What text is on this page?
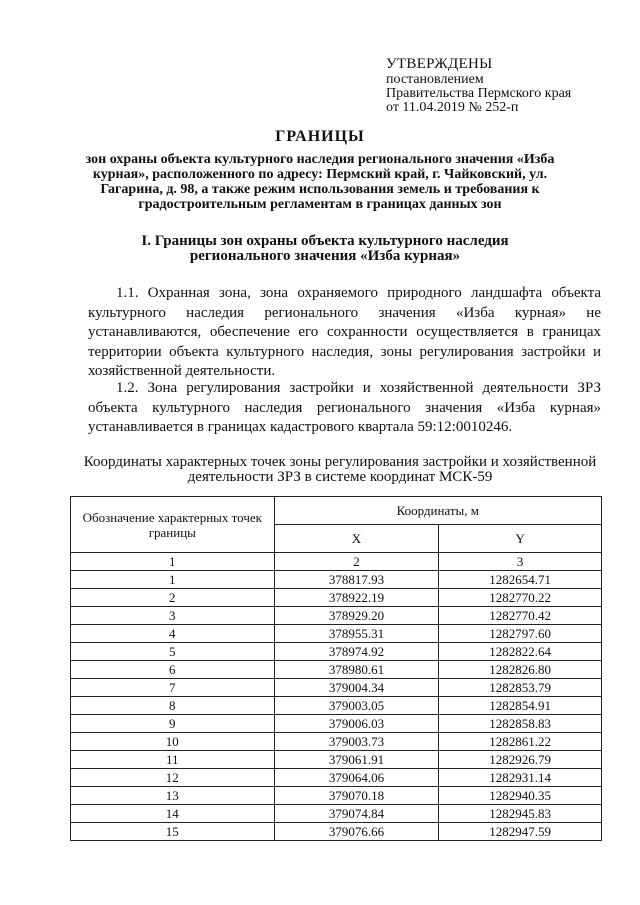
УТВЕРЖДЕНЫ
постановлением
Правительства Пермского края
от 11.04.2019 № 252-п
ГРАНИЦЫ
зон охраны объекта культурного наследия регионального значения «Изба курная», расположенного по адресу: Пермский край, г. Чайковский, ул. Гагарина, д. 98, а также режим использования земель и требования к градостроительным регламентам в границах данных зон
I. Границы зон охраны объекта культурного наследия регионального значения «Изба курная»

1.1. Охранная зона, зона охраняемого природного ландшафта объекта культурного наследия регионального значения «Изба курная» не устанавливаются, обеспечение его сохранности осуществляется в границах территории объекта культурного наследия, зоны регулирования застройки и хозяйственной деятельности.

1.2. Зона регулирования застройки и хозяйственной деятельности ЗРЗ объекта культурного наследия регионального значения «Изба курная» устанавливается в границах кадастрового квартала 59:12:0010246.

Координаты характерных точек зоны регулирования застройки и хозяйственной деятельности ЗРЗ в системе координат МСК-59
Обозначение характерных точек границы	Координаты, м	
	X	Y
1	2	3
1	378817.93	1282654.71
2	378922.19	1282770.22
3	378929.20	1282770.42
4	378955.31	1282797.60
5	378974.92	1282822.64
6	378980.61	1282826.80
7	379004.34	1282853.79
8	379003.05	1282854.91
9	379006.03	1282858.83
10	379003.73	1282861.22
11	379061.91	1282926.79
12	379064.06	1282931.14
13	379070.18	1282940.35
14	379074.84	1282945.83
15	379076.66	1282947.59
